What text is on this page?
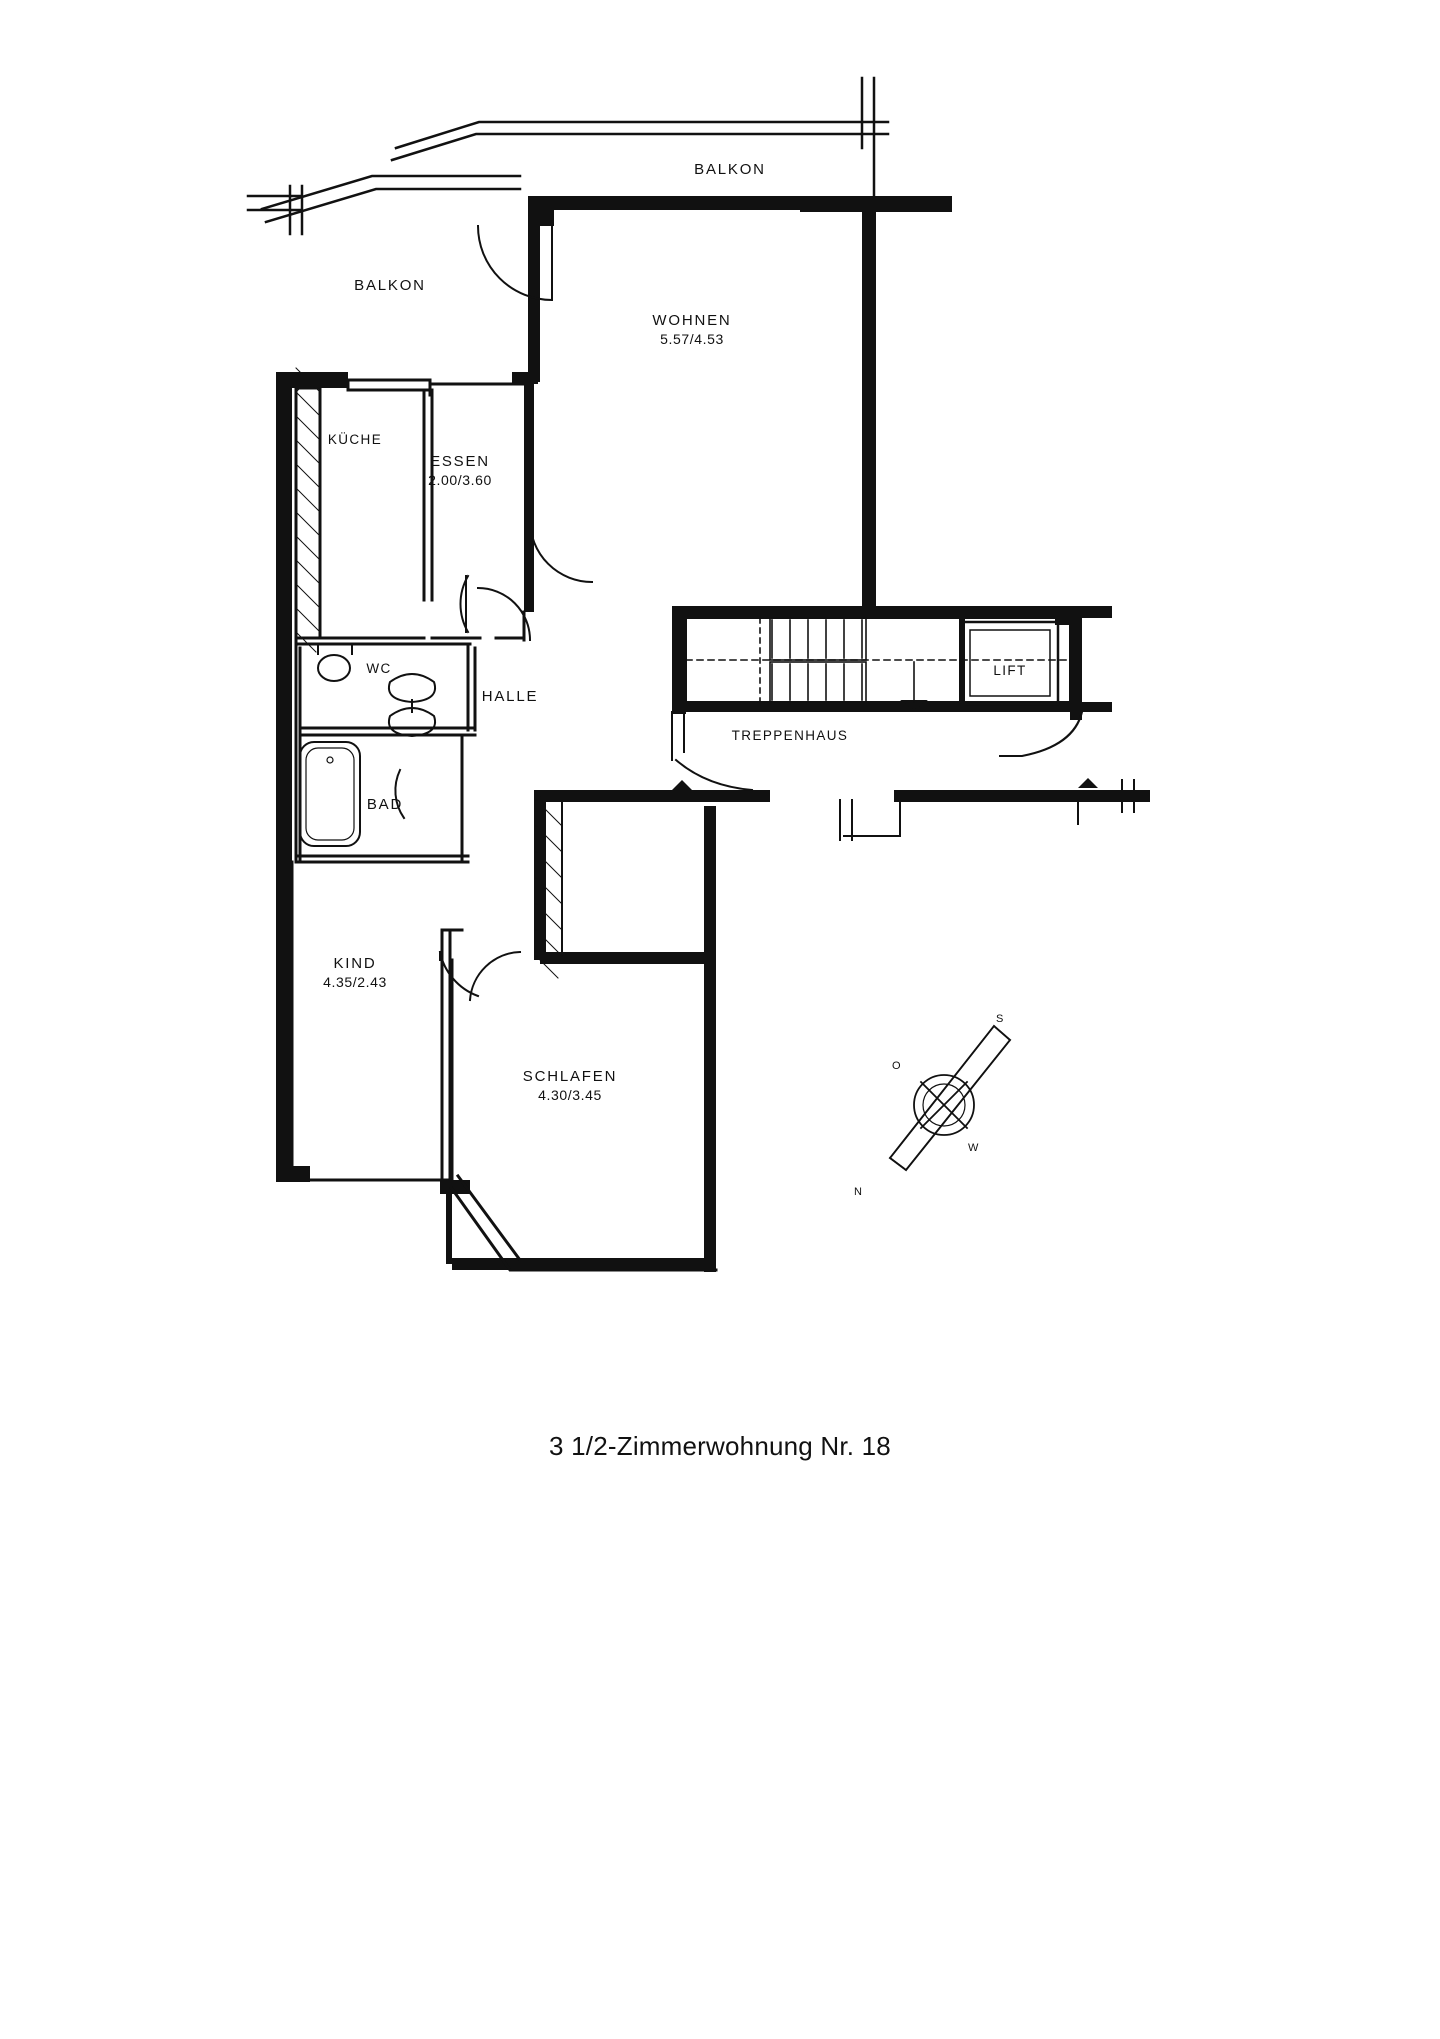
BALKON
BALKON
WOHNEN
5.57/4.53
KÜCHE
ESSEN
2.00/3.60
WC
HALLE
BAD
KIND
4.35/2.43
SCHLAFEN
4.30/3.45
TREPPENHAUS
LIFT
S
O
W
N
3 1/2-Zimmerwohnung Nr. 18
